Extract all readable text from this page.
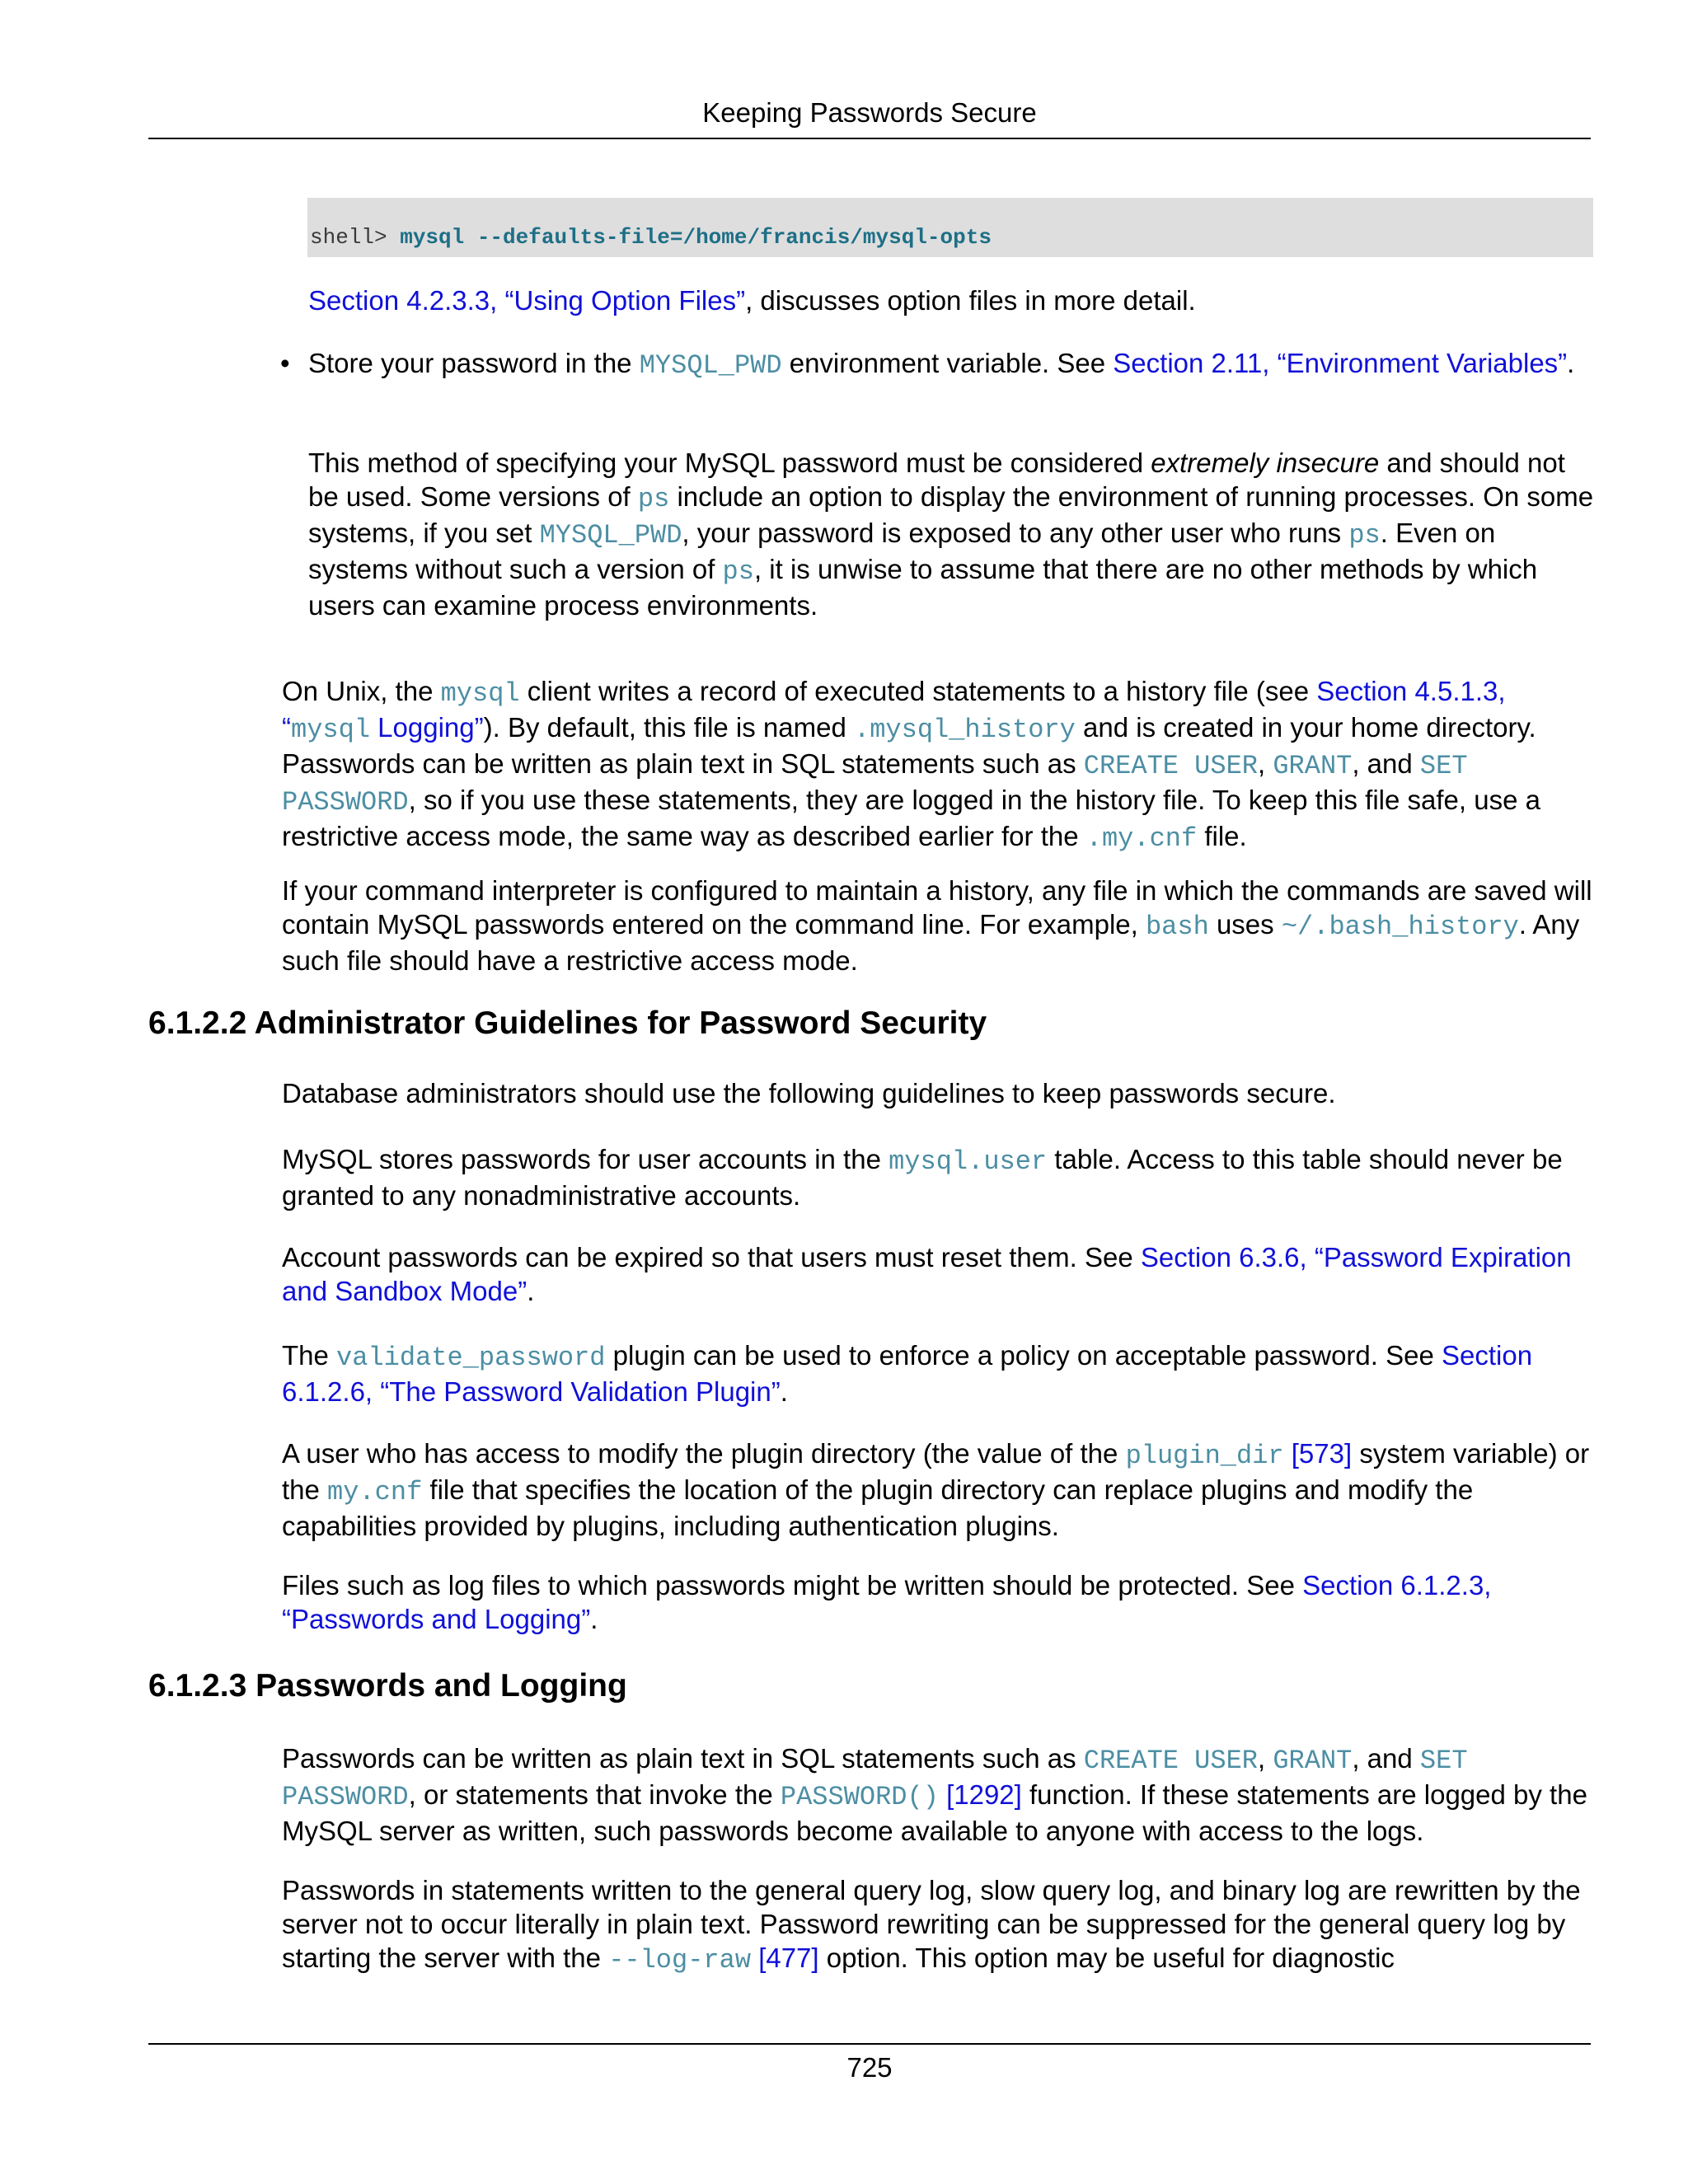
Keeping Passwords Secure
shell> mysql --defaults-file=/home/francis/mysql-opts

Section 4.2.3.3, “Using Option Files”, discusses option files in more detail.

• Store your password in the MYSQL_PWD environment variable. See Section 2.11, “Environment Variables”.

This method of specifying your MySQL password must be considered extremely insecure and should not be used. Some versions of ps include an option to display the environment of running processes. On some systems, if you set MYSQL_PWD, your password is exposed to any other user who runs ps. Even on systems without such a version of ps, it is unwise to assume that there are no other methods by which users can examine process environments.

On Unix, the mysql client writes a record of executed statements to a history file (see Section 4.5.1.3, “mysql Logging”). By default, this file is named .mysql_history and is created in your home directory. Passwords can be written as plain text in SQL statements such as CREATE USER, GRANT, and SET PASSWORD, so if you use these statements, they are logged in the history file. To keep this file safe, use a restrictive access mode, the same way as described earlier for the .my.cnf file.

If your command interpreter is configured to maintain a history, any file in which the commands are saved will contain MySQL passwords entered on the command line. For example, bash uses ~/.bash_history. Any such file should have a restrictive access mode.

6.1.2.2 Administrator Guidelines for Password Security

Database administrators should use the following guidelines to keep passwords secure.

MySQL stores passwords for user accounts in the mysql.user table. Access to this table should never be granted to any nonadministrative accounts.

Account passwords can be expired so that users must reset them. See Section 6.3.6, “Password Expiration and Sandbox Mode”.

The validate_password plugin can be used to enforce a policy on acceptable password. See Section 6.1.2.6, “The Password Validation Plugin”.

A user who has access to modify the plugin directory (the value of the plugin_dir [573] system variable) or the my.cnf file that specifies the location of the plugin directory can replace plugins and modify the capabilities provided by plugins, including authentication plugins.

Files such as log files to which passwords might be written should be protected. See Section 6.1.2.3, “Passwords and Logging”.

6.1.2.3 Passwords and Logging

Passwords can be written as plain text in SQL statements such as CREATE USER, GRANT, and SET PASSWORD, or statements that invoke the PASSWORD() [1292] function. If these statements are logged by the MySQL server as written, such passwords become available to anyone with access to the logs.

Passwords in statements written to the general query log, slow query log, and binary log are rewritten by the server not to occur literally in plain text. Password rewriting can be suppressed for the general query log by starting the server with the --log-raw [477] option. This option may be useful for diagnostic

725
